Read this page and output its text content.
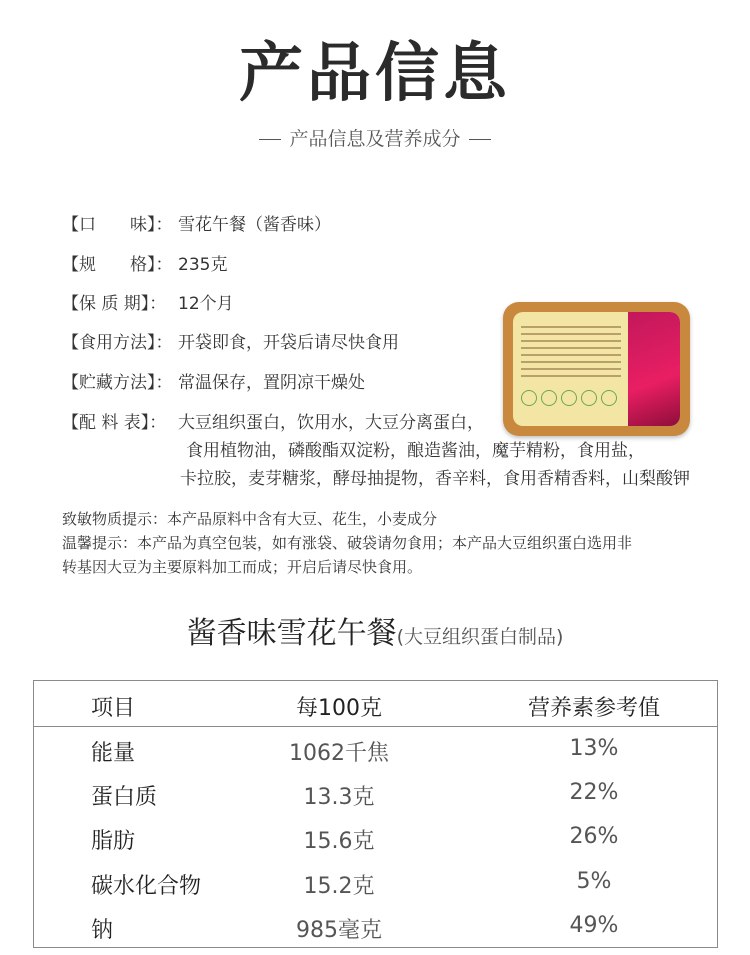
产品信息
产品信息及营养成分
【口　　味】： 雪花午餐（酱香味）
【规　　格】： 235克
【保 质 期】： 12个月
【食用方法】： 开袋即食，开袋后请尽快食用
【贮藏方法】： 常温保存，置阴凉干燥处
【配 料 表】： 大豆组织蛋白，饮用水，大豆分离蛋白，
食用植物油，磷酸酯双淀粉，酿造酱油，魔芋精粉，食用盐，
卡拉胶，麦芽糖浆，酵母抽提物，香辛料，食用香精香料，山梨酸钾
致敏物质提示：本产品原料中含有大豆、花生，小麦成分
温馨提示：本产品为真空包装，如有涨袋、破袋请勿食用；本产品大豆组织蛋白选用非
转基因大豆为主要原料加工而成；开启后请尽快食用。
酱香味雪花午餐(大豆组织蛋白制品)
项目	每100克	营养素参考值
能量	1062千焦	13%
蛋白质	13.3克	22%
脂肪	15.6克	26%
碳水化合物	15.2克	5%
钠	985毫克	49%
